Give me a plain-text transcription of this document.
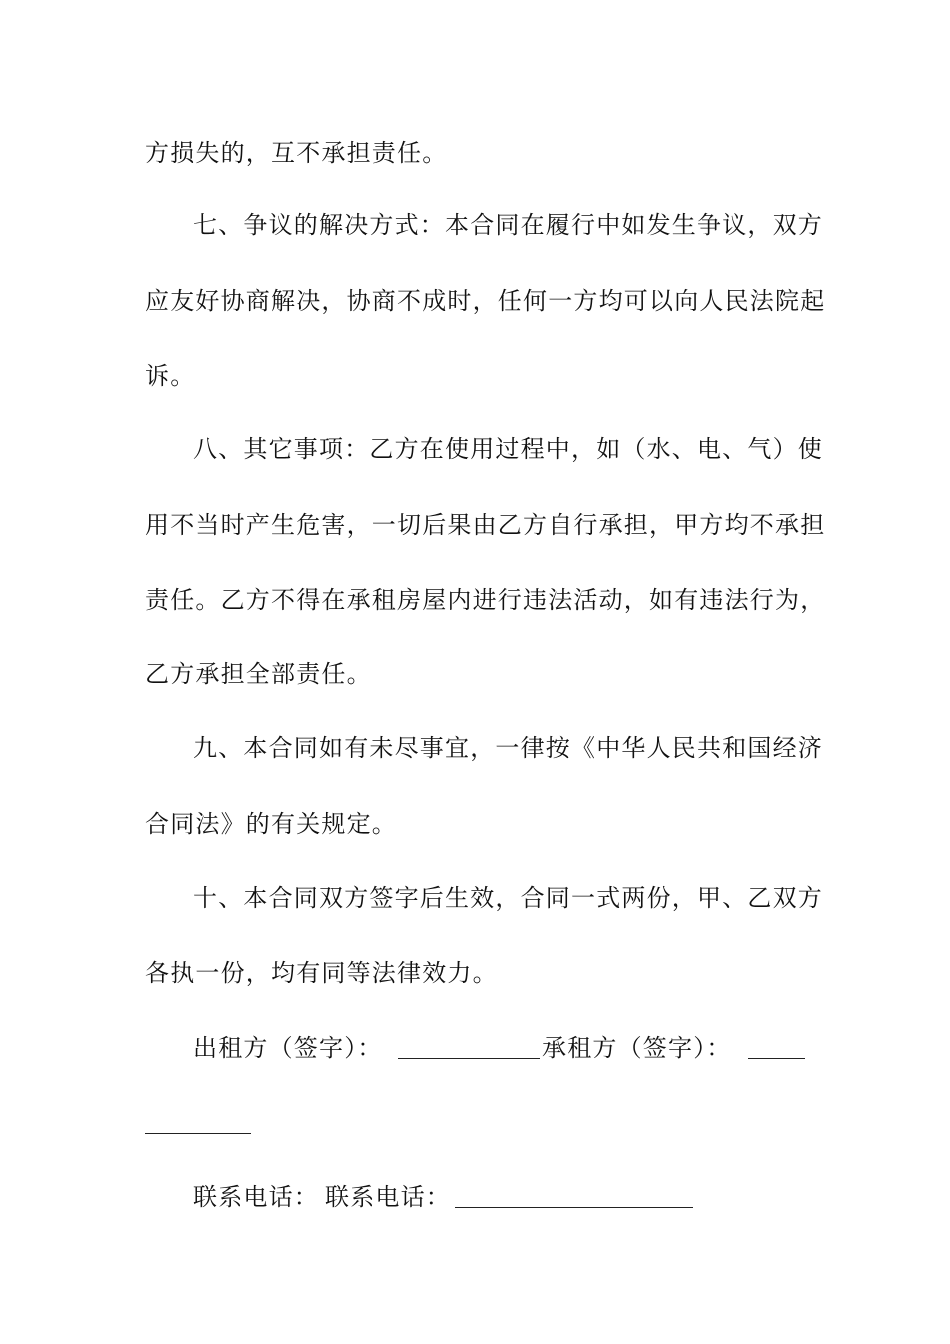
方损失的，互不承担责任。
七、争议的解决方式：本合同在履行中如发生争议，双方
应友好协商解决，协商不成时，任何一方均可以向人民法院起
诉。
八、其它事项：乙方在使用过程中，如（水、电、气）使
用不当时产生危害，一切后果由乙方自行承担，甲方均不承担
责任。乙方不得在承租房屋内进行违法活动，如有违法行为，
乙方承担全部责任。
九、本合同如有未尽事宜，一律按《中华人民共和国经济
合同法》的有关规定。
十、本合同双方签字后生效，合同一式两份，甲、乙双方
各执一份，均有同等法律效力。
出租方（签字）：	承租方（签字）：
联系电话： 联系电话：
